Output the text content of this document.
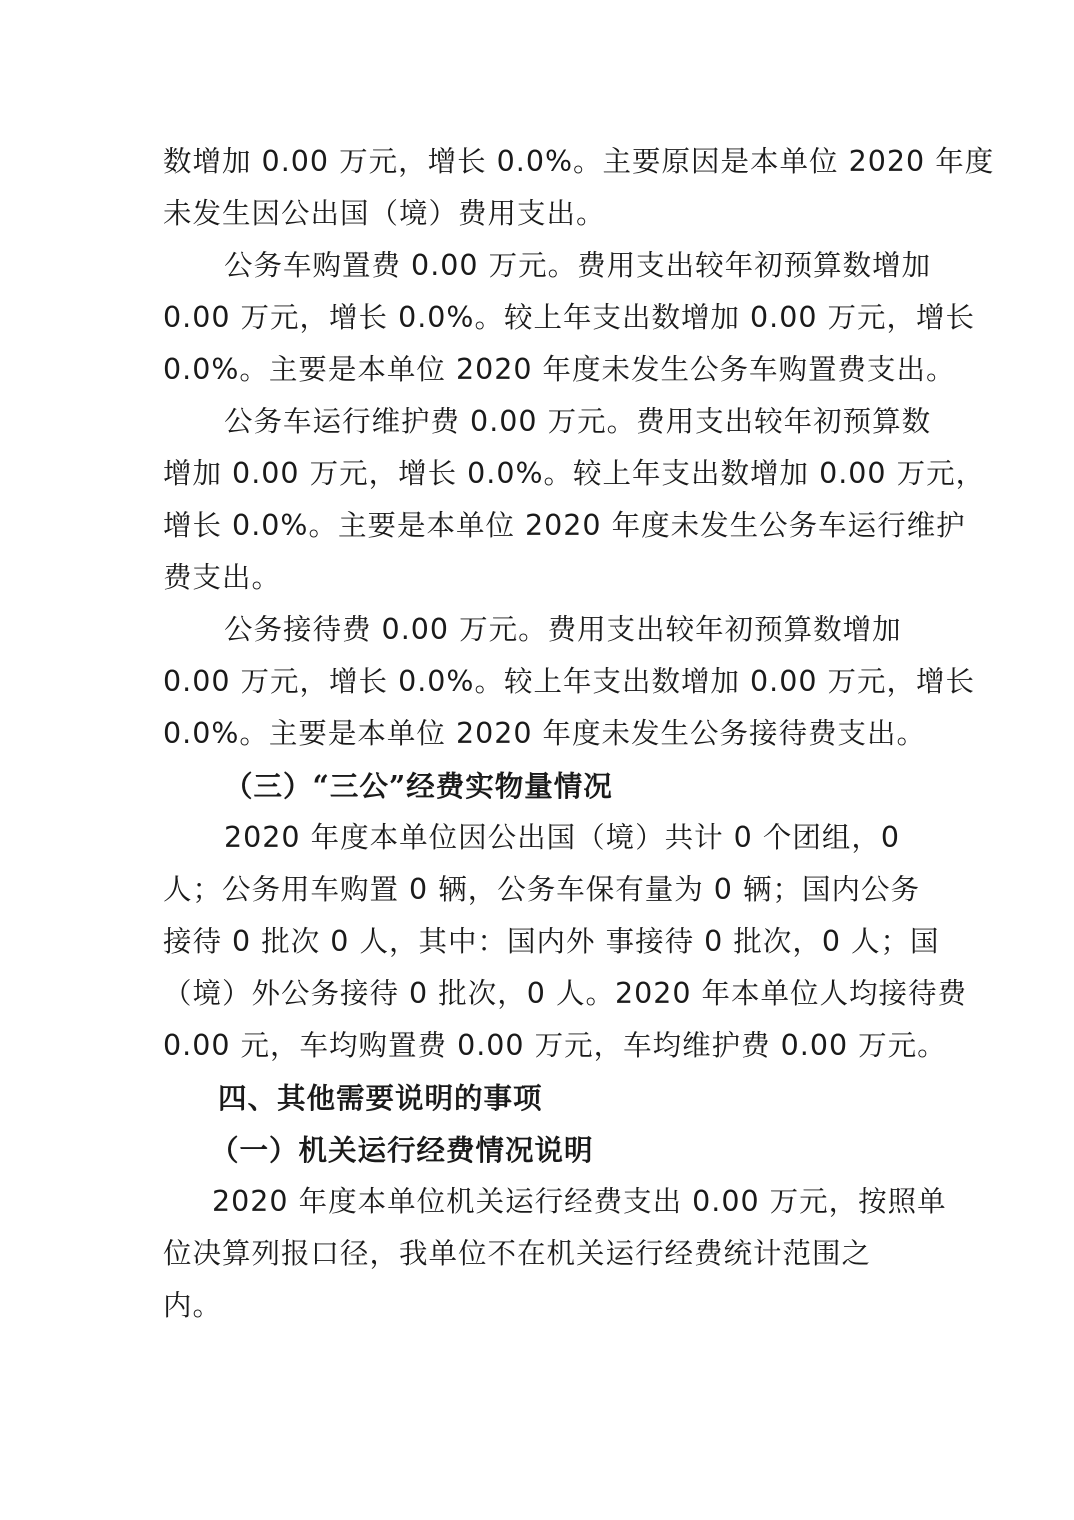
数增加 0.00 万元，增长 0.0%。主要原因是本单位 2020 年度
未发生因公出国（境）费用支出。
公务车购置费 0.00 万元。费用支出较年初预算数增加
0.00 万元，增长 0.0%。较上年支出数增加 0.00 万元，增长
0.0%。主要是本单位 2020 年度未发生公务车购置费支出。
公务车运行维护费 0.00 万元。费用支出较年初预算数
增加 0.00 万元，增长 0.0%。较上年支出数增加 0.00 万元，
增长 0.0%。主要是本单位 2020 年度未发生公务车运行维护
费支出。
公务接待费 0.00 万元。费用支出较年初预算数增加
0.00 万元，增长 0.0%。较上年支出数增加 0.00 万元，增长
0.0%。主要是本单位 2020 年度未发生公务接待费支出。
（三）“三公”经费实物量情况
2020 年度本单位因公出国（境）共计 0 个团组，0
人；公务用车购置 0 辆，公务车保有量为 0 辆；国内公务
接待 0 批次 0 人，其中：国内外 事接待 0 批次，0 人；国
（境）外公务接待 0 批次，0 人。2020 年本单位人均接待费
0.00 元，车均购置费 0.00 万元，车均维护费 0.00 万元。
四、其他需要说明的事项
（一）机关运行经费情况说明
2020 年度本单位机关运行经费支出 0.00 万元，按照单
位决算列报口径，我单位不在机关运行经费统计范围之
内。
